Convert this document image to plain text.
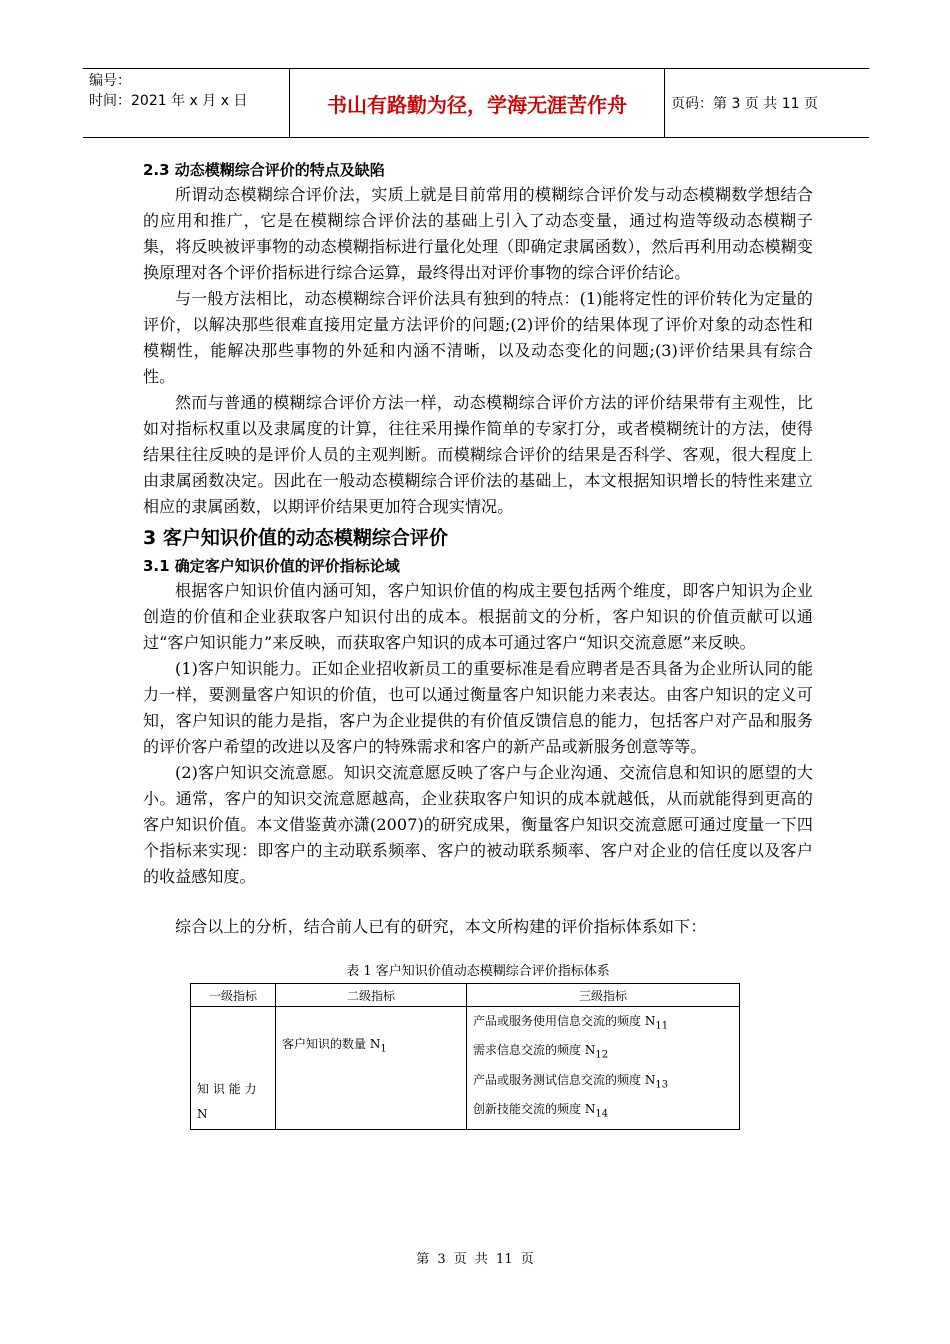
编号：
时间：2021 年 x 月 x 日	书山有路勤为径，学海无涯苦作舟	页码：第 3 页 共 11 页
2.3 动态模糊综合评价的特点及缺陷

所谓动态模糊综合评价法，实质上就是目前常用的模糊综合评价发与动态模糊数学想结合的应用和推广，它是在模糊综合评价法的基础上引入了动态变量，通过构造等级动态模糊子集，将反映被评事物的动态模糊指标进行量化处理（即确定隶属函数），然后再利用动态模糊变换原理对各个评价指标进行综合运算，最终得出对评价事物的综合评价结论。

与一般方法相比，动态模糊综合评价法具有独到的特点：(1)能将定性的评价转化为定量的评价，以解决那些很难直接用定量方法评价的问题;(2)评价的结果体现了评价对象的动态性和模糊性，能解决那些事物的外延和内涵不清晰，以及动态变化的问题;(3)评价结果具有综合性。

然而与普通的模糊综合评价方法一样，动态模糊综合评价方法的评价结果带有主观性，比如对指标权重以及隶属度的计算，往往采用操作简单的专家打分，或者模糊统计的方法，使得结果往往反映的是评价人员的主观判断。而模糊综合评价的结果是否科学、客观，很大程度上由隶属函数决定。因此在一般动态模糊综合评价法的基础上，本文根据知识增长的特性来建立相应的隶属函数，以期评价结果更加符合现实情况。

3 客户知识价值的动态模糊综合评价
3.1 确定客户知识价值的评价指标论域

根据客户知识价值内涵可知，客户知识价值的构成主要包括两个维度，即客户知识为企业创造的价值和企业获取客户知识付出的成本。根据前文的分析，客户知识的价值贡献可以通过“客户知识能力”来反映，而获取客户知识的成本可通过客户“知识交流意愿”来反映。

(1)客户知识能力。正如企业招收新员工的重要标准是看应聘者是否具备为企业所认同的能力一样，要测量客户知识的价值，也可以通过衡量客户知识能力来表达。由客户知识的定义可知，客户知识的能力是指，客户为企业提供的有价值反馈信息的能力，包括客户对产品和服务的评价客户希望的改进以及客户的特殊需求和客户的新产品或新服务创意等等。

(2)客户知识交流意愿。知识交流意愿反映了客户与企业沟通、交流信息和知识的愿望的大小。通常，客户的知识交流意愿越高，企业获取客户知识的成本就越低，从而就能得到更高的客户知识价值。本文借鉴黄亦潇(2007)的研究成果，衡量客户知识交流意愿可通过度量一下四个指标来实现：即客户的主动联系频率、客户的被动联系频率、客户对企业的信任度以及客户的收益感知度。

综合以上的分析，结合前人已有的研究，本文所构建的评价指标体系如下：

表 1 客户知识价值动态模糊综合评价指标体系
一级指标	二级指标	三级指标
知 识 能 力 N	客户知识的数量 $N_1$	产品或服务使用信息交流的频度 $N_{11}$
需求信息交流的频度 $N_{12}$
产品或服务测试信息交流的频度 $N_{13}$
创新技能交流的频度 $N_{14}$
第 3 页 共 11 页
